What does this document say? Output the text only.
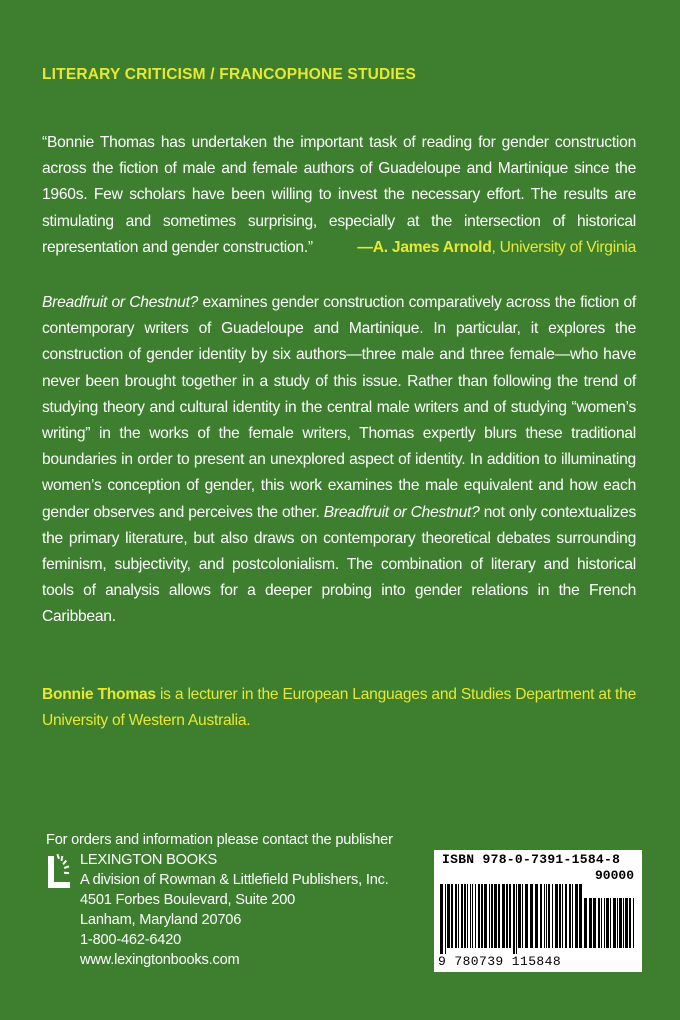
LITERARY CRITICISM / FRANCOPHONE STUDIES
“Bonnie Thomas has undertaken the important task of reading for gender construction across the fiction of male and female authors of Guadeloupe and Martinique since the 1960s. Few scholars have been willing to invest the necessary effort. The results are stimulating and sometimes surprising, especially at the intersection of historical representation and gender construction.”	—A. James Arnold, University of Virginia
Breadfruit or Chestnut? examines gender construction comparatively across the fiction of contemporary writers of Guadeloupe and Martinique. In particular, it explores the construction of gender identity by six authors—three male and three female—who have never been brought together in a study of this issue. Rather than following the trend of studying theory and cultural identity in the central male writers and of studying “women’s writing” in the works of the female writers, Thomas expertly blurs these traditional boundaries in order to present an unexplored aspect of identity. In addition to illuminating women’s conception of gender, this work examines the male equivalent and how each gender observes and perceives the other. Breadfruit or Chestnut? not only contextualizes the primary literature, but also draws on contemporary theoretical debates surrounding feminism, subjectivity, and postcolonialism. The combination of literary and historical tools of analysis allows for a deeper probing into gender relations in the French Caribbean.
Bonnie Thomas is a lecturer in the European Languages and Studies Department at the University of Western Australia.
For orders and information please contact the publisher
LEXINGTON BOOKS
A division of Rowman & Littlefield Publishers, Inc.
4501 Forbes Boulevard, Suite 200
Lanham, Maryland 20706
1-800-462-6420
www.lexingtonbooks.com
ISBN 978-0-7391-1584-8
90000
9 780739 115848
